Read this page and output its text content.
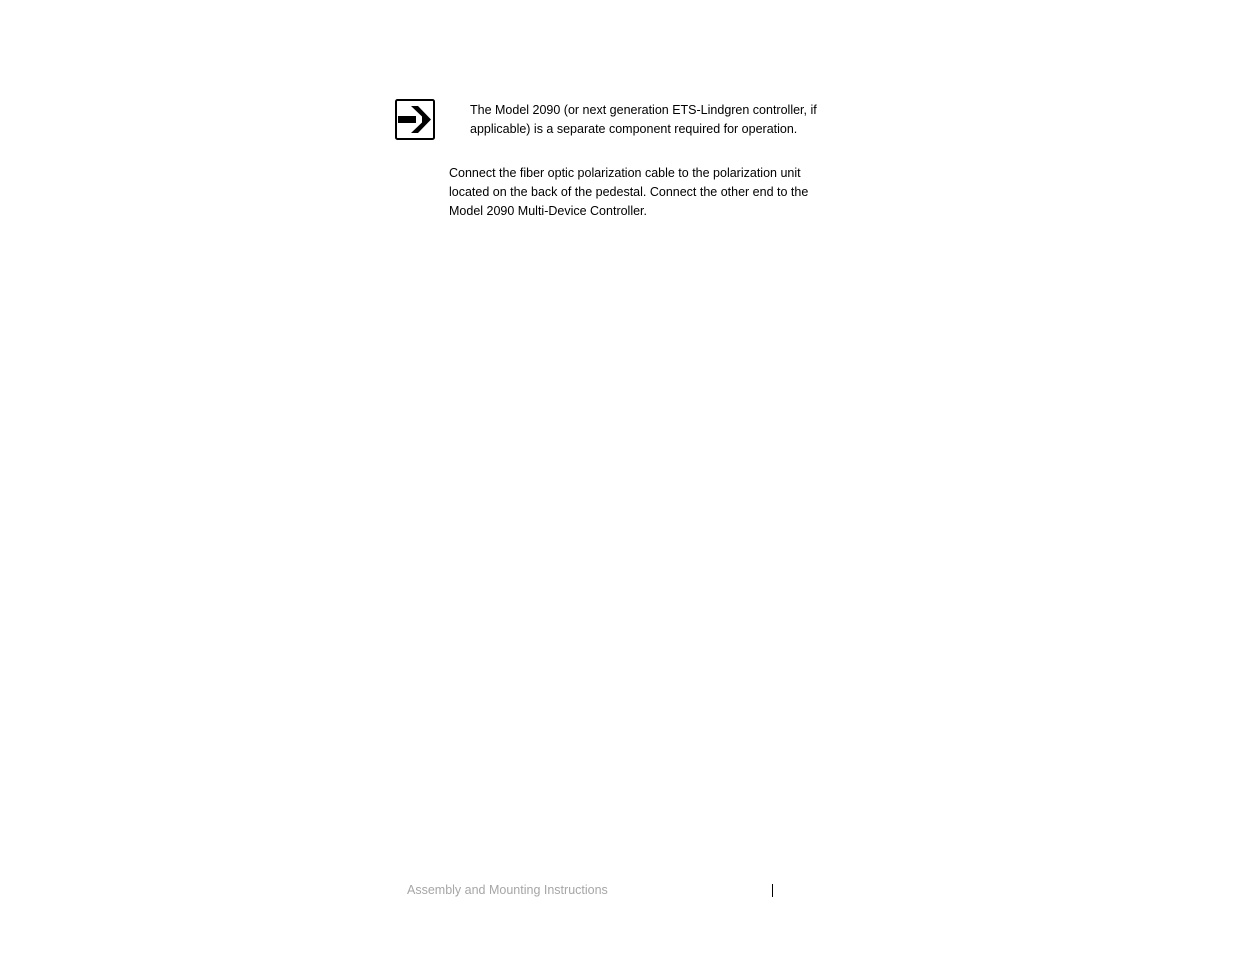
The Model 2090 (or next generation ETS-Lindgren controller, if applicable) is a separate component required for operation.
Connect the fiber optic polarization cable to the polarization unit located on the back of the pedestal. Connect the other end to the Model 2090 Multi-Device Controller.
Assembly and Mounting Instructions
